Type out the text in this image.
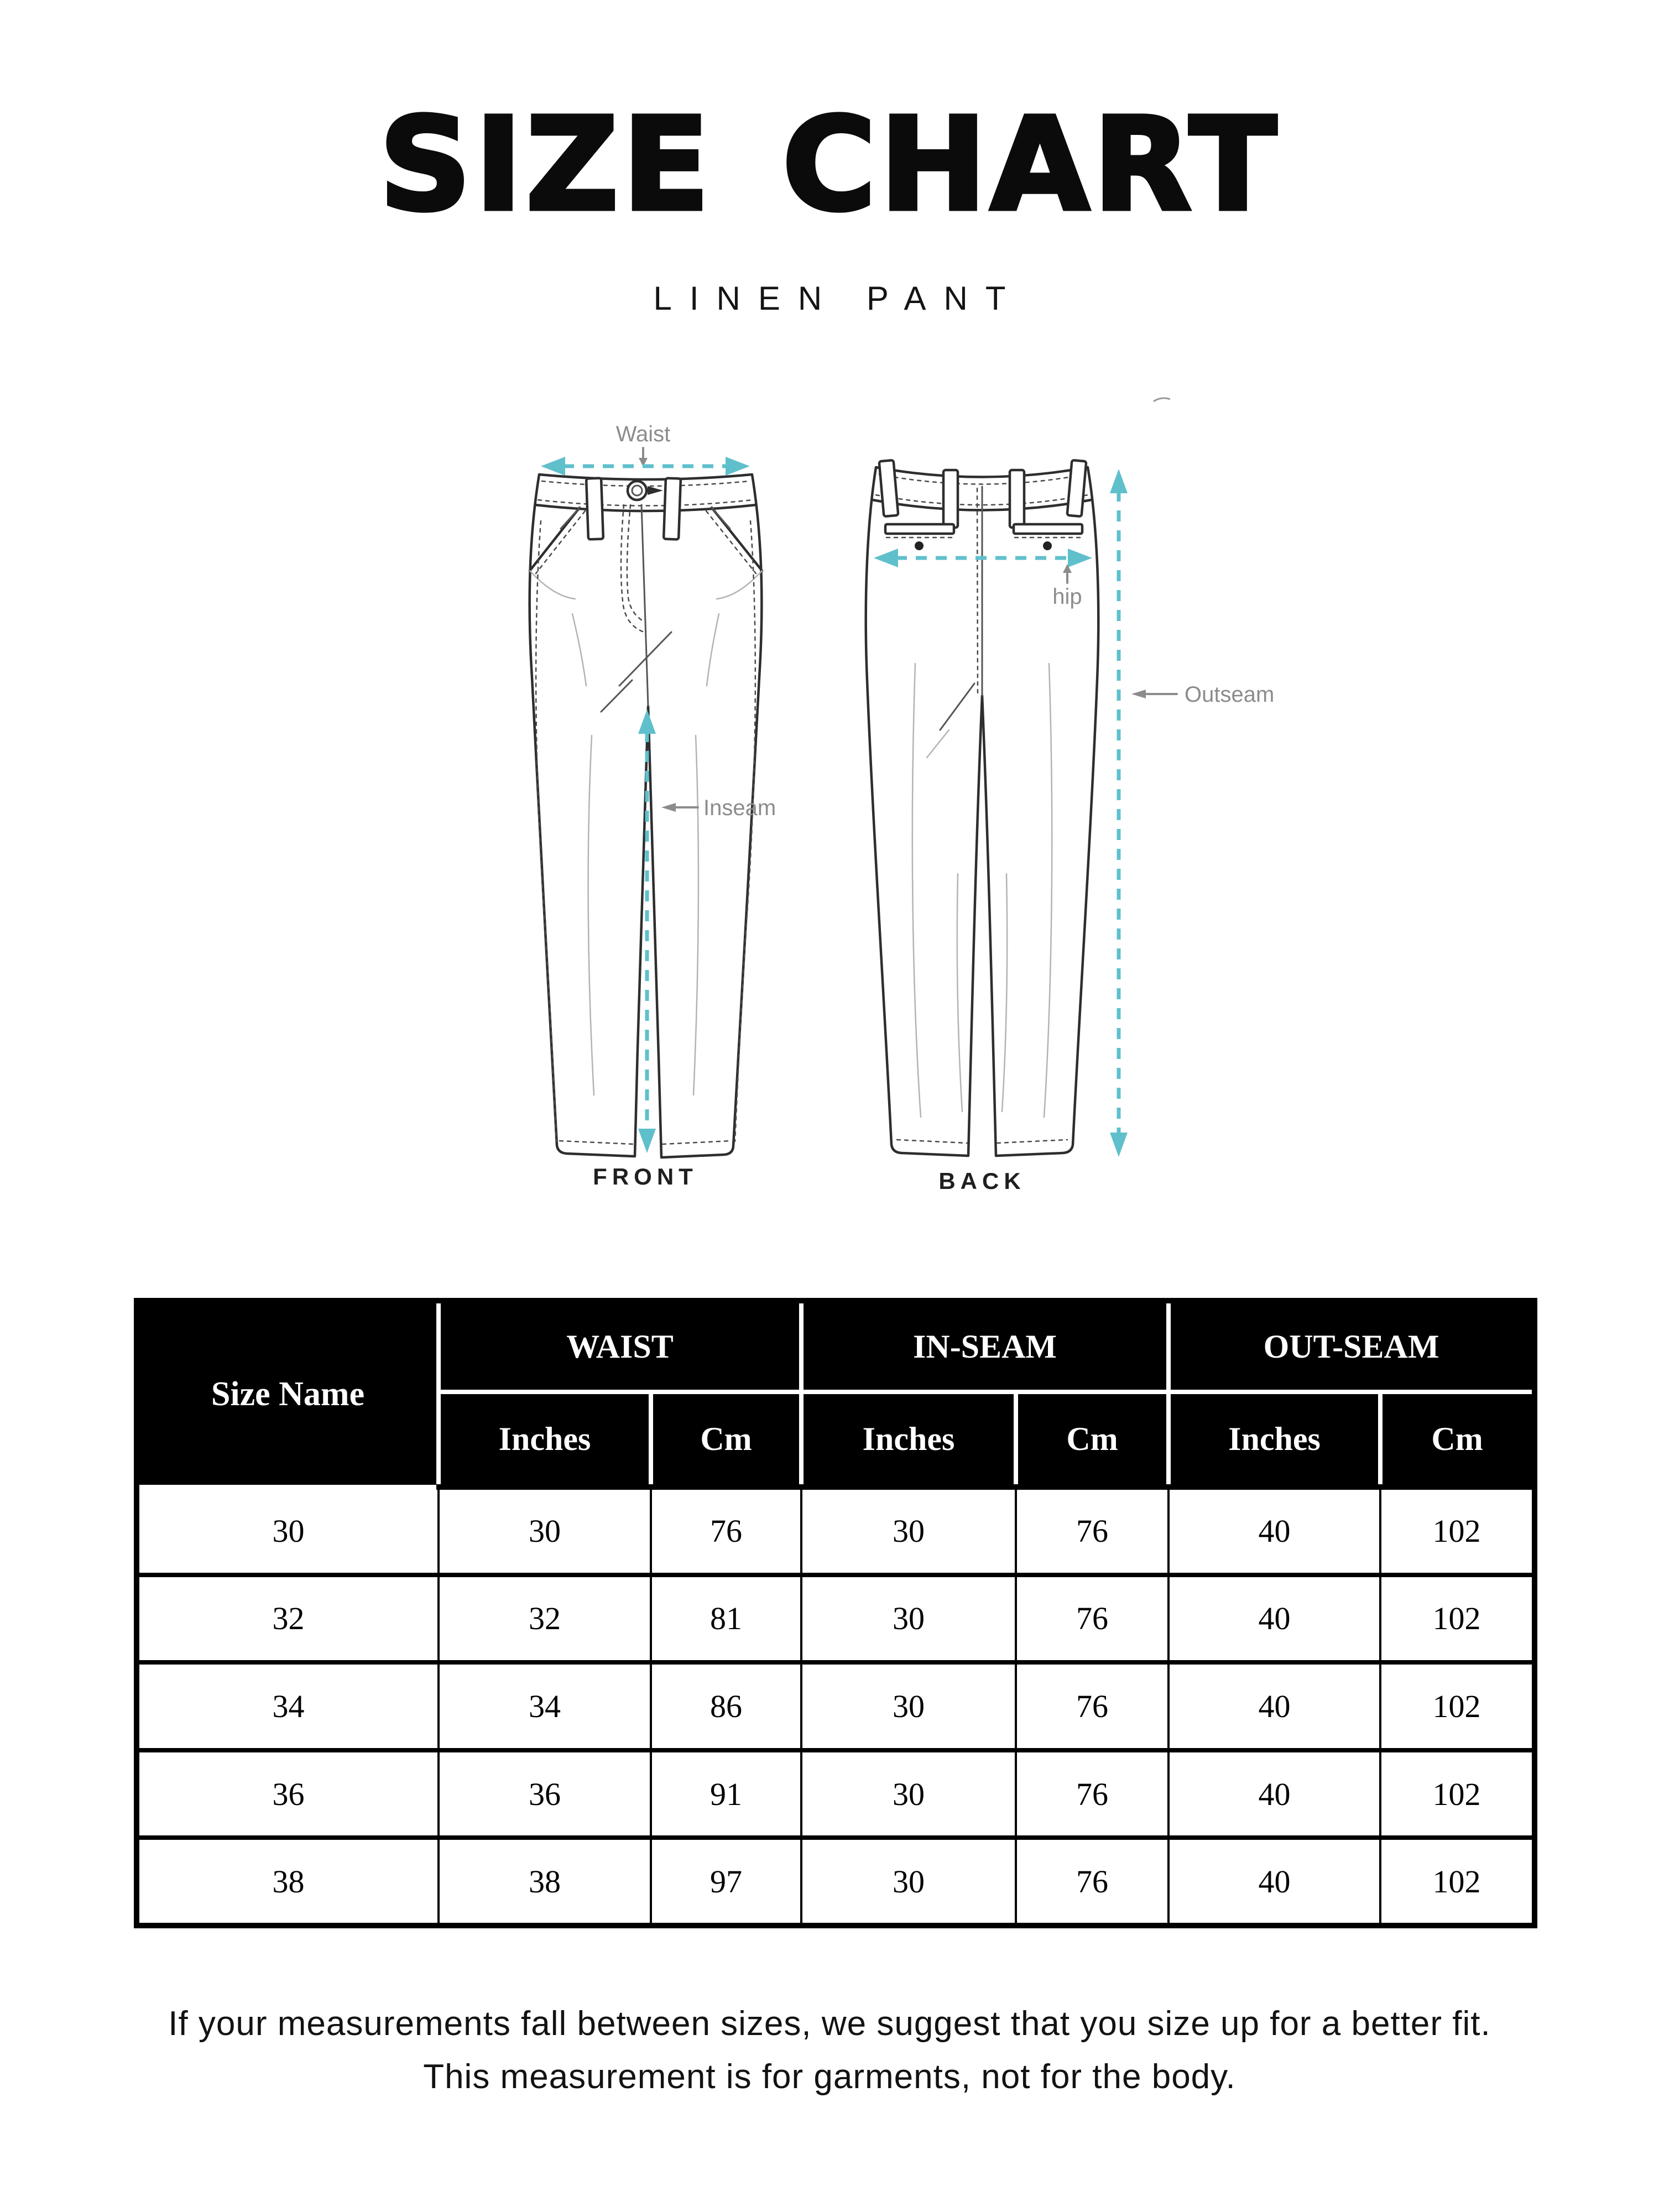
SIZE CHART
LINEN PANT
Waist
Inseam
hip
Outseam
FRONT	BACK
Size Name	WAIST		IN-SEAM		OUT-SEAM	
	Inches	Cm	Inches	Cm	Inches	Cm
30	30	76	30	76	40	102
32	32	81	30	76	40	102
34	34	86	30	76	40	102
36	36	91	30	76	40	102
38	38	97	30	76	40	102
If your measurements fall between sizes, we suggest that you size up for a better fit.
This measurement is for garments, not for the body.
